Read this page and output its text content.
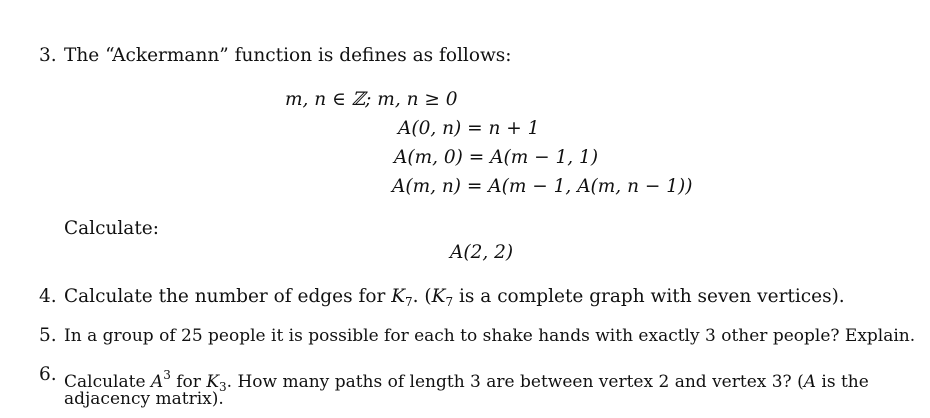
3. The “Ackermann” function is defines as follows:
m, n ∈ ℤ; m, n ≥ 0
A(0, n) = n + 1
A(m, 0) = A(m − 1, 1)
A(m, n) = A(m − 1, A(m, n − 1))
Calculate:
A(2, 2)
4. Calculate the number of edges for $K_7$. ($K_7$ is a complete graph with seven vertices).
5. In a group of 25 people it is possible for each to shake hands with exactly 3 other people? Explain.
6. Calculate $A^3$ for $K_3$. How many paths of length 3 are between vertex 2 and vertex 3? (A is the
adjacency matrix).
